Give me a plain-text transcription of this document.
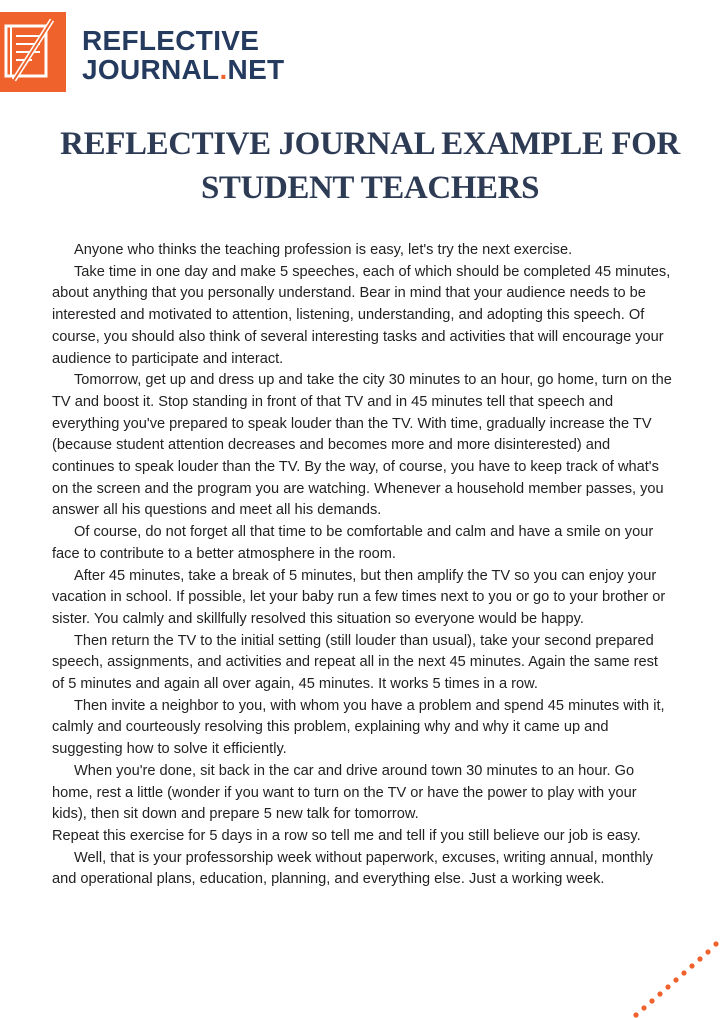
REFLECTIVE
JOURNAL.NET
REFLECTIVE JOURNAL EXAMPLE FOR
STUDENT TEACHERS

Anyone who thinks the teaching profession is easy, let's try the next exercise.

Take time in one day and make 5 speeches, each of which should be completed 45 minutes, about anything that you personally understand. Bear in mind that your audience needs to be interested and motivated to attention, listening, understanding, and adopting this speech. Of course, you should also think of several interesting tasks and activities that will encourage your audience to participate and interact.

Tomorrow, get up and dress up and take the city 30 minutes to an hour, go home, turn on the TV and boost it. Stop standing in front of that TV and in 45 minutes tell that speech and everything you've prepared to speak louder than the TV. With time, gradually increase the TV (because student attention decreases and becomes more and more disinterested) and continues to speak louder than the TV. By the way, of course, you have to keep track of what's on the screen and the program you are watching. Whenever a household member passes, you answer all his questions and meet all his demands.

Of course, do not forget all that time to be comfortable and calm and have a smile on your face to contribute to a better atmosphere in the room.

After 45 minutes, take a break of 5 minutes, but then amplify the TV so you can enjoy your vacation in school. If possible, let your baby run a few times next to you or go to your brother or sister. You calmly and skillfully resolved this situation so everyone would be happy.

Then return the TV to the initial setting (still louder than usual), take your second prepared speech, assignments, and activities and repeat all in the next 45 minutes. Again the same rest of 5 minutes and again all over again, 45 minutes. It works 5 times in a row.

Then invite a neighbor to you, with whom you have a problem and spend 45 minutes with it, calmly and courteously resolving this problem, explaining why and why it came up and suggesting how to solve it efficiently.

When you're done, sit back in the car and drive around town 30 minutes to an hour. Go home, rest a little (wonder if you want to turn on the TV or have the power to play with your kids), then sit down and prepare 5 new talk for tomorrow.

Repeat this exercise for 5 days in a row so tell me and tell if you still believe our job is easy.

Well, that is your professorship week without paperwork, excuses, writing annual, monthly and operational plans, education, planning, and everything else. Just a working week.
